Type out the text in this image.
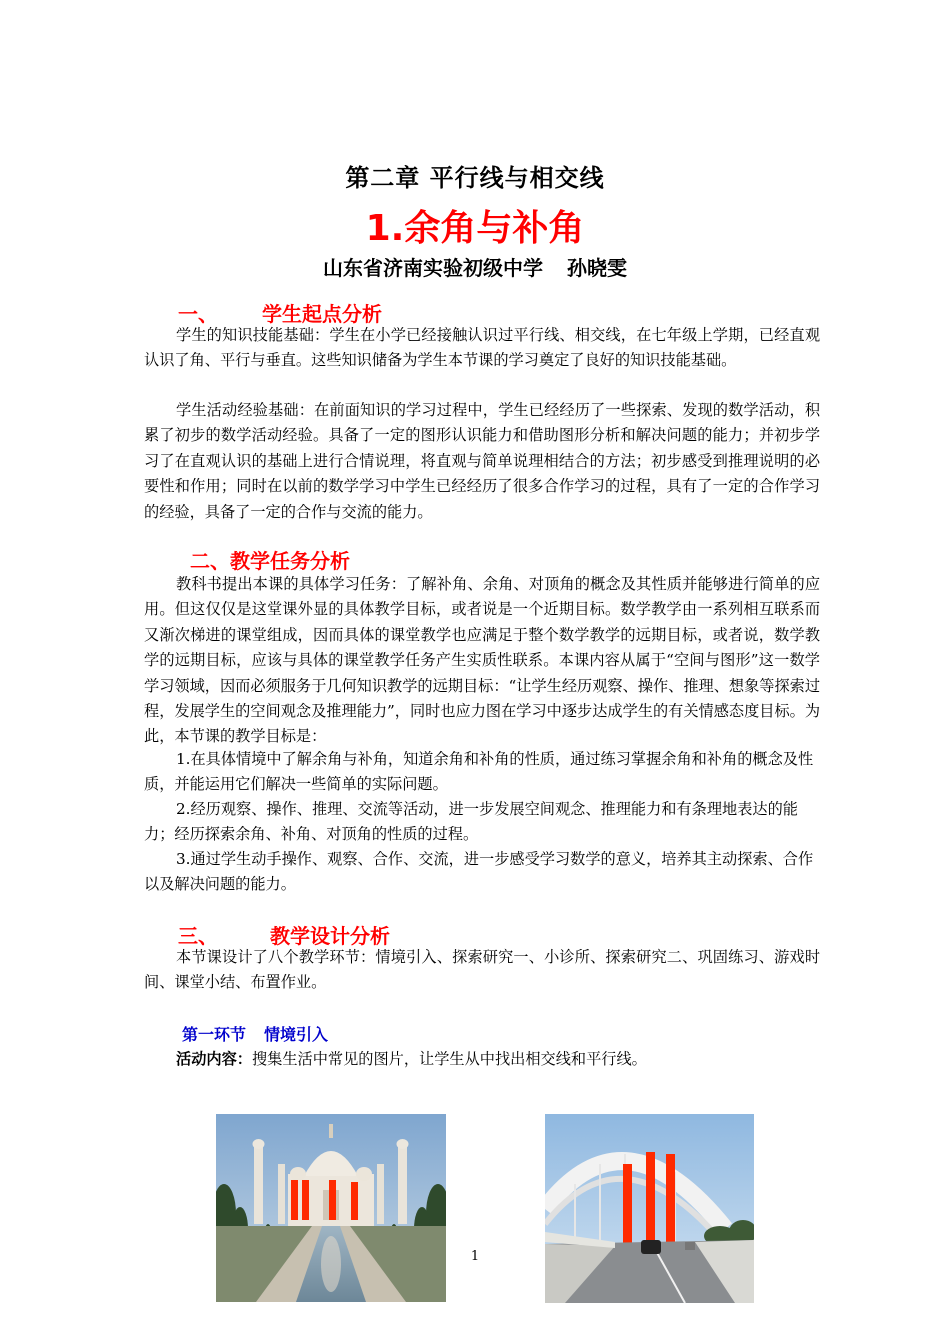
第二章 平行线与相交线
1.余角与补角
山东省济南实验初级中学 孙晓雯
一、 学生起点分析

学生的知识技能基础：学生在小学已经接触认识过平行线、相交线，在七年级上学期，已经直观认识了角、平行与垂直。这些知识储备为学生本节课的学习奠定了良好的知识技能基础。

学生活动经验基础：在前面知识的学习过程中，学生已经经历了一些探索、发现的数学活动，积累了初步的数学活动经验。具备了一定的图形认识能力和借助图形分析和解决问题的能力；并初步学习了在直观认识的基础上进行合情说理，将直观与简单说理相结合的方法；初步感受到推理说明的必要性和作用；同时在以前的数学学习中学生已经经历了很多合作学习的过程，具有了一定的合作学习的经验，具备了一定的合作与交流的能力。

二、教学任务分析

教科书提出本课的具体学习任务：了解补角、余角、对顶角的概念及其性质并能够进行简单的应用。但这仅仅是这堂课外显的具体教学目标，或者说是一个近期目标。数学教学由一系列相互联系而又渐次梯进的课堂组成，因而具体的课堂教学也应满足于整个数学教学的远期目标，或者说，数学教学的远期目标，应该与具体的课堂教学任务产生实质性联系。本课内容从属于“空间与图形”这一数学学习领域，因而必须服务于几何知识教学的远期目标：“让学生经历观察、操作、推理、想象等探索过程，发展学生的空间观念及推理能力”，同时也应力图在学习中逐步达成学生的有关情感态度目标。为此，本节课的教学目标是：

1.在具体情境中了解余角与补角，知道余角和补角的性质，通过练习掌握余角和补角的概念及性质，并能运用它们解决一些简单的实际问题。

2.经历观察、操作、推理、交流等活动，进一步发展空间观念、推理能力和有条理地表达的能力；经历探索余角、补角、对顶角的性质的过程。

3.通过学生动手操作、观察、合作、交流，进一步感受学习数学的意义，培养其主动探索、合作以及解决问题的能力。

三、	教学设计分析

本节课设计了八个教学环节：情境引入、探索研究一、小诊所、探索研究二、巩固练习、游戏时间、课堂小结、布置作业。

第一环节 情境引入
活动内容：搜集生活中常见的图片，让学生从中找出相交线和平行线。
1
